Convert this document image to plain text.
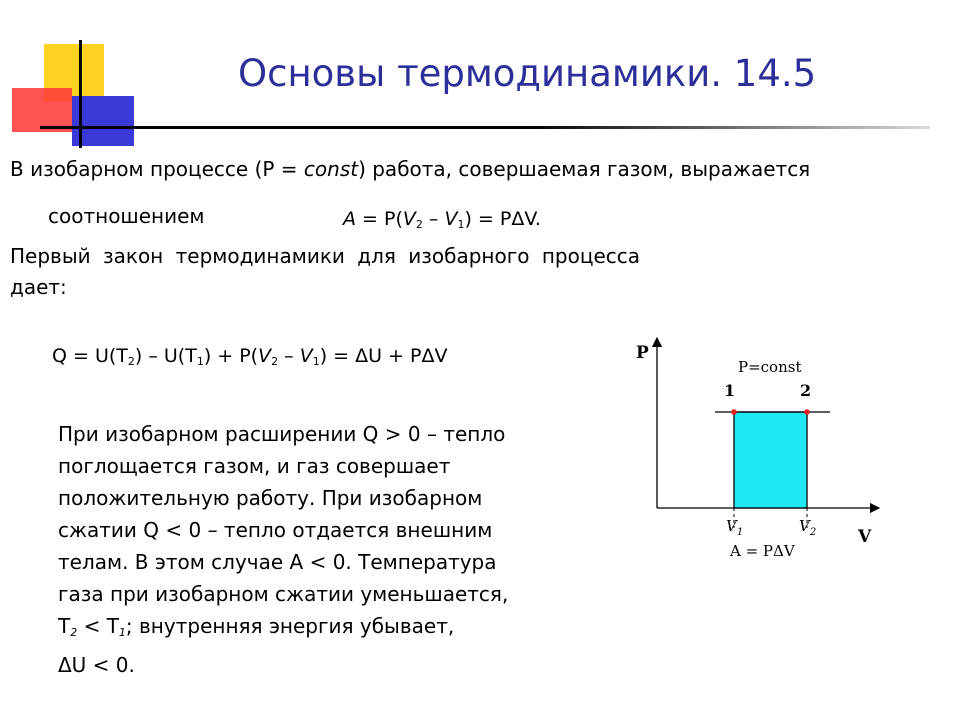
Основы термодинамики. 14.5
В изобарном процессе (P = const) работа, совершаемая газом, выражается
соотношением	$A = P(V_2 - V_1) = P\Delta V$.
Первый закон термодинамики для изобарного процесса
дает:
$Q = U(T_2) - U(T_1) + P(V_2 - V_1) = \Delta U + P\Delta V$
При изобарном расширении Q > 0 – тепло
поглощается газом, и газ совершает
положительную работу. При изобарном
сжатии Q < 0 – тепло отдается внешним
телам. В этом случае A < 0. Температура
газа при изобарном сжатии уменьшается,
$T_2 < T_1$; внутренняя энергия убывает,
ΔU < 0.
P
V
P=const
1	2
$V_1$	$V_2$
A = PΔV
